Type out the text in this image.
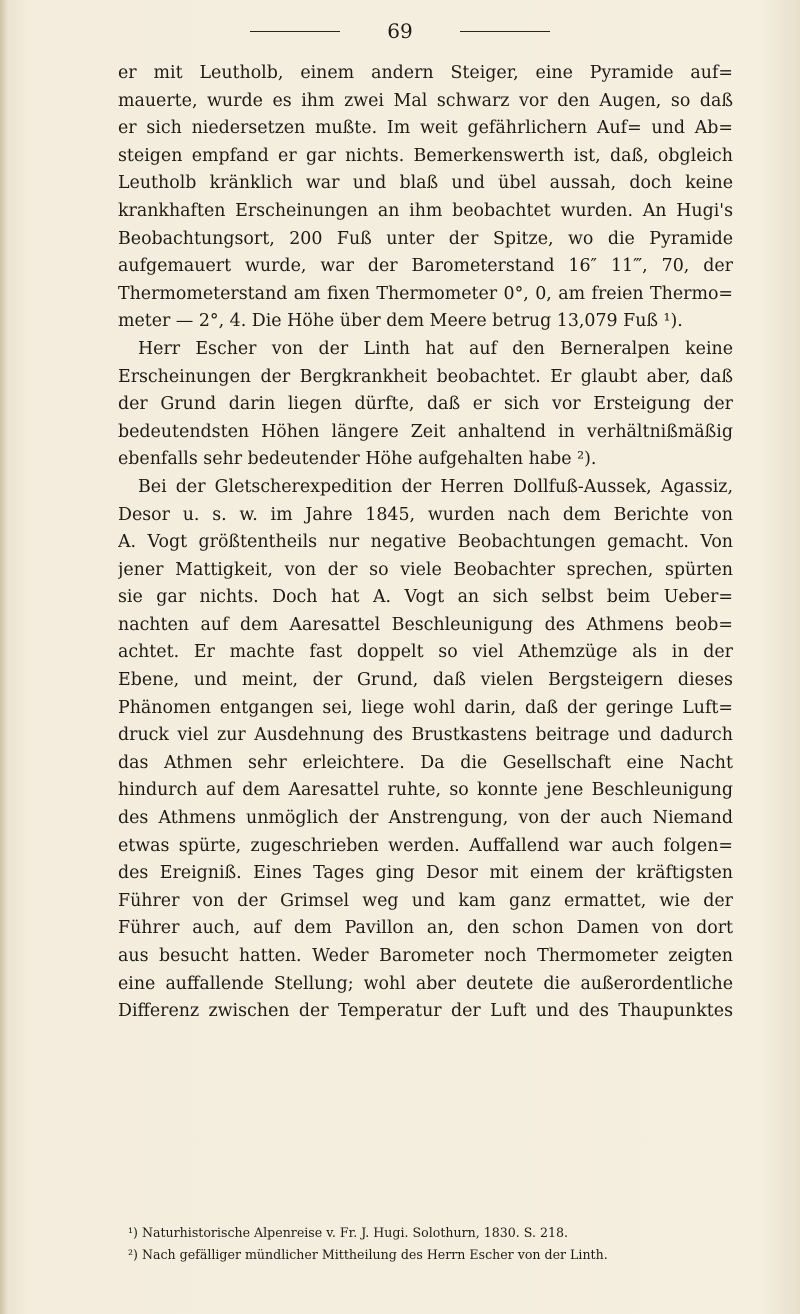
69
er mit Leutholb, einem andern Steiger, eine Pyramide auf=
mauerte, wurde es ihm zwei Mal schwarz vor den Augen, so daß
er sich niedersetzen mußte. Im weit gefährlichern Auf= und Ab=
steigen empfand er gar nichts. Bemerkenswerth ist, daß, obgleich
Leutholb kränklich war und blaß und übel aussah, doch keine
krankhaften Erscheinungen an ihm beobachtet wurden. An Hugi's
Beobachtungsort, 200 Fuß unter der Spitze, wo die Pyramide
aufgemauert wurde, war der Barometerstand 16″ 11‴, 70, der
Thermometerstand am fixen Thermometer 0°, 0, am freien Thermo=
meter — 2°, 4. Die Höhe über dem Meere betrug 13,079 Fuß ¹).
Herr Escher von der Linth hat auf den Berneralpen keine
Erscheinungen der Bergkrankheit beobachtet. Er glaubt aber, daß
der Grund darin liegen dürfte, daß er sich vor Ersteigung der
bedeutendsten Höhen längere Zeit anhaltend in verhältnißmäßig
ebenfalls sehr bedeutender Höhe aufgehalten habe ²).
Bei der Gletscherexpedition der Herren Dollfuß-Aussek, Agassiz,
Desor u. s. w. im Jahre 1845, wurden nach dem Berichte von
A. Vogt größtentheils nur negative Beobachtungen gemacht. Von
jener Mattigkeit, von der so viele Beobachter sprechen, spürten
sie gar nichts. Doch hat A. Vogt an sich selbst beim Ueber=
nachten auf dem Aaresattel Beschleunigung des Athmens beob=
achtet. Er machte fast doppelt so viel Athemzüge als in der
Ebene, und meint, der Grund, daß vielen Bergsteigern dieses
Phänomen entgangen sei, liege wohl darin, daß der geringe Luft=
druck viel zur Ausdehnung des Brustkastens beitrage und dadurch
das Athmen sehr erleichtere. Da die Gesellschaft eine Nacht
hindurch auf dem Aaresattel ruhte, so konnte jene Beschleunigung
des Athmens unmöglich der Anstrengung, von der auch Niemand
etwas spürte, zugeschrieben werden. Auffallend war auch folgen=
des Ereigniß. Eines Tages ging Desor mit einem der kräftigsten
Führer von der Grimsel weg und kam ganz ermattet, wie der
Führer auch, auf dem Pavillon an, den schon Damen von dort
aus besucht hatten. Weder Barometer noch Thermometer zeigten
eine auffallende Stellung; wohl aber deutete die außerordentliche
Differenz zwischen der Temperatur der Luft und des Thaupunktes
¹) Naturhistorische Alpenreise v. Fr. J. Hugi. Solothurn, 1830. S. 218.
²) Nach gefälliger mündlicher Mittheilung des Herrn Escher von der Linth.
